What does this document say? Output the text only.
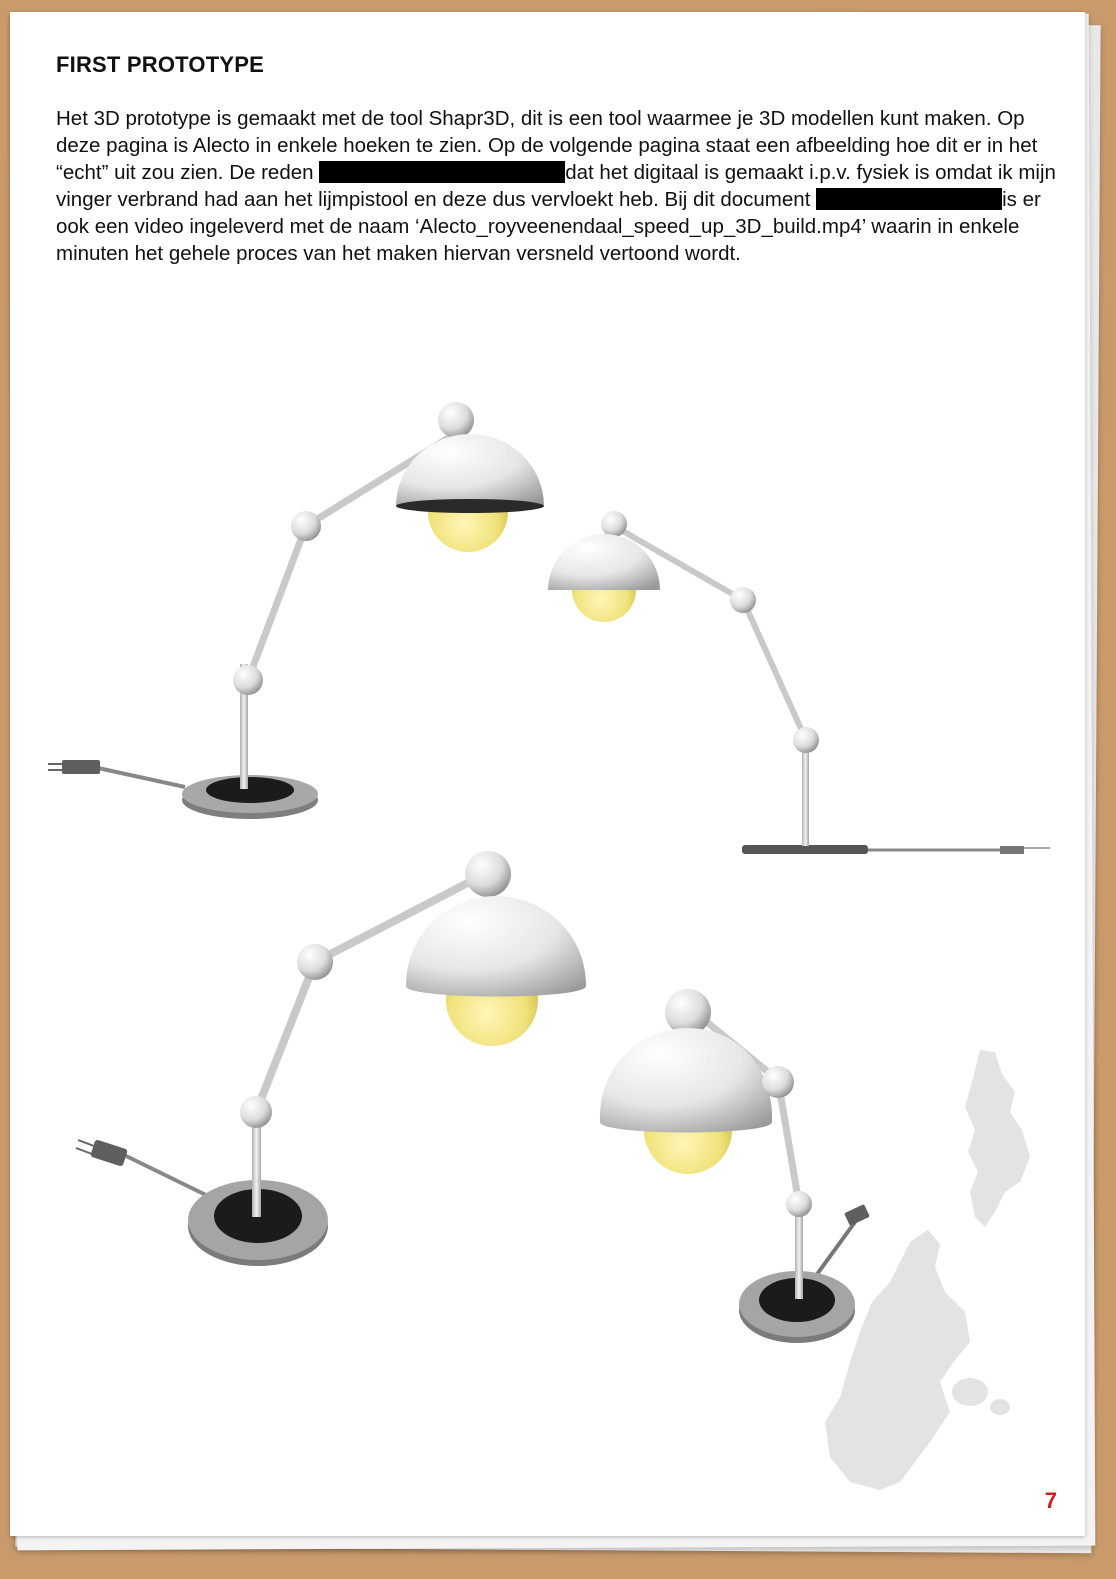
FIRST PROTOTYPE
Het 3D prototype is gemaakt met de tool Shapr3D, dit is een tool waarmee je 3D modellen kunt maken. Op deze pagina is Alecto in enkele hoeken te zien. Op de volgende pagina staat een afbeelding hoe dit er in het “echt” uit zou zien. De reden	dat het digitaal is gemaakt i.p.v. fysiek is omdat ik mijn vinger verbrand had aan het lijmpistool en deze dus vervloekt heb. Bij dit document	is er ook een video ingeleverd met de naam ‘Alecto_royveenendaal_speed_up_3D_build.mp4’ waarin in enkele minuten het gehele proces van het maken hiervan versneld vertoond wordt.
7
